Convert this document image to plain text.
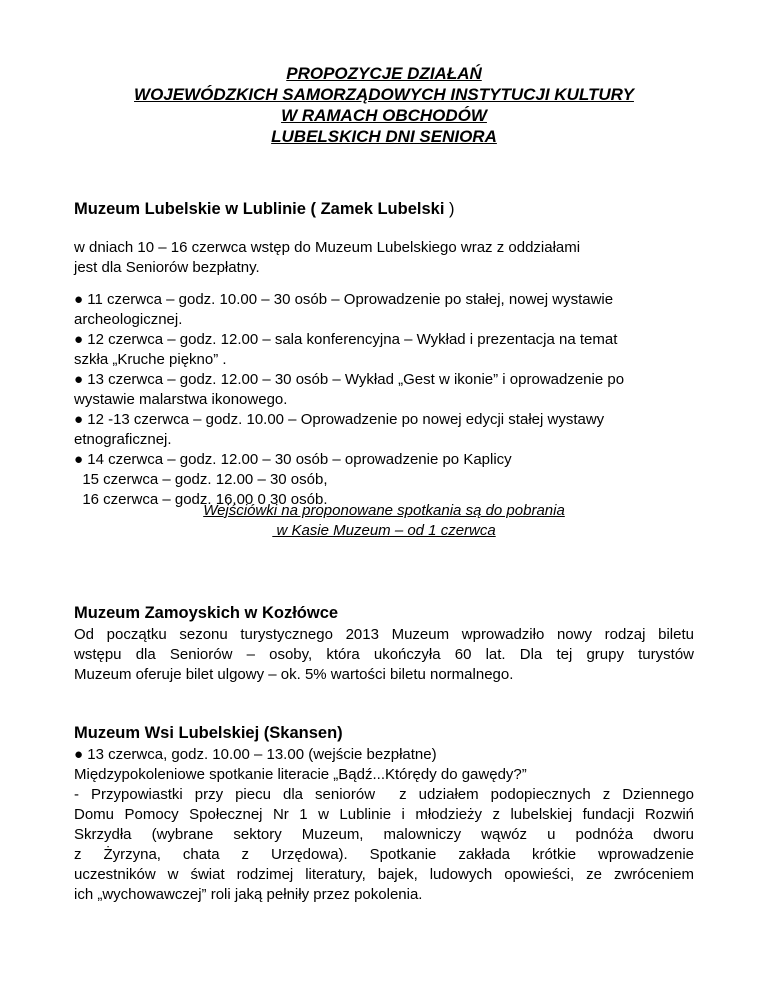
PROPOZYCJE DZIAŁAŃ
WOJEWÓDZKICH SAMORZĄDOWYCH INSTYTUCJI KULTURY
W RAMACH OBCHODÓW
LUBELSKICH DNI SENIORA
Muzeum Lubelskie w Lublinie ( Zamek Lubelski )
w dniach 10 – 16 czerwca wstęp do Muzeum Lubelskiego wraz z oddziałami
jest dla Seniorów bezpłatny.
● 11 czerwca – godz. 10.00 – 30 osób – Oprowadzenie po stałej, nowej wystawie
archeologicznej.
● 12 czerwca – godz. 12.00 – sala konferencyjna – Wykład i prezentacja na temat
szkła „Kruche piękno” .
● 13 czerwca – godz. 12.00 – 30 osób – Wykład „Gest w ikonie” i oprowadzenie po
wystawie malarstwa ikonowego.
● 12 -13 czerwca – godz. 10.00 – Oprowadzenie po nowej edycji stałej wystawy
etnograficznej.
● 14 czerwca – godz. 12.00 – 30 osób – oprowadzenie po Kaplicy
15 czerwca – godz. 12.00 – 30 osób,
16 czerwca – godz. 16.00 0 30 osób.
Wejściówki na proponowane spotkania są do pobrania
w Kasie Muzeum – od 1 czerwca
Muzeum Zamoyskich w Kozłówce
Od początku sezonu turystycznego 2013 Muzeum wprowadziło nowy rodzaj biletu
wstępu dla Seniorów – osoby, która ukończyła 60 lat. Dla tej grupy turystów
Muzeum oferuje bilet ulgowy – ok. 5% wartości biletu normalnego.
Muzeum Wsi Lubelskiej (Skansen)
● 13 czerwca, godz. 10.00 – 13.00 (wejście bezpłatne)
Międzypokoleniowe spotkanie literacie „Bądź...Którędy do gawędy?”
- Przypowiastki przy piecu dla seniorów  z udziałem podopiecznych z Dziennego
Domu Pomocy Społecznej Nr 1 w Lublinie i młodzieży z lubelskiej fundacji Rozwiń
Skrzydła (wybrane sektory Muzeum, malowniczy wąwóz u podnóża dworu
z Żyrzyna, chata z Urzędowa). Spotkanie zakłada krótkie wprowadzenie
uczestników w świat rodzimej literatury, bajek, ludowych opowieści, ze zwróceniem
ich „wychowawczej” roli jaką pełniły przez pokolenia.
